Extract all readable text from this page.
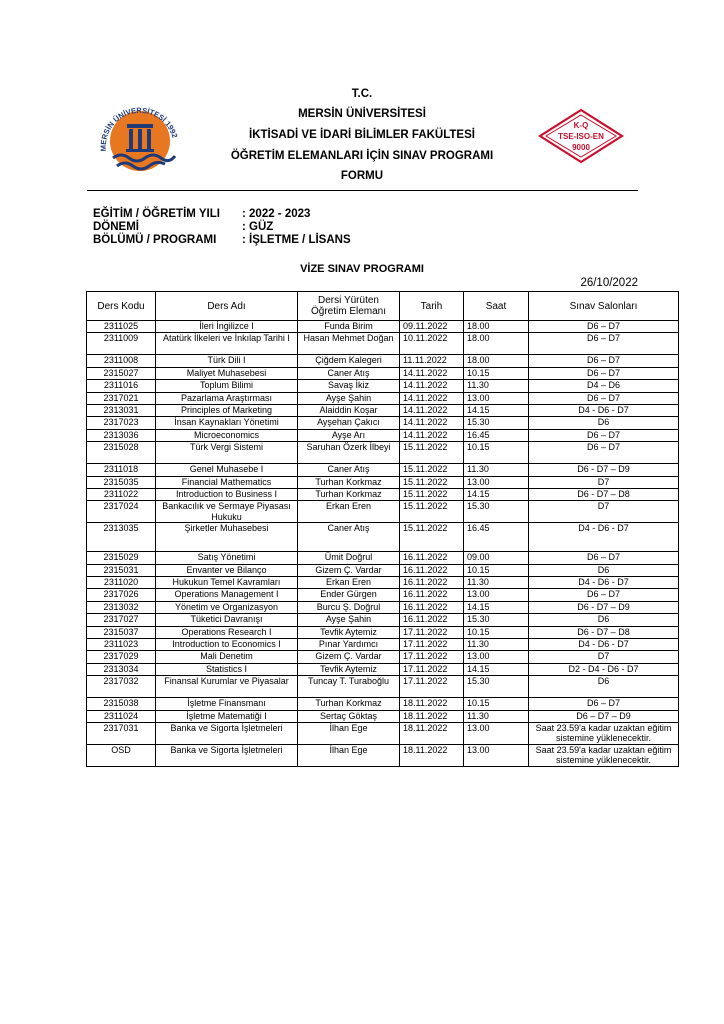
MERSİN ÜNİVERSİTESİ 1992
K-Q
TSE-ISO-EN
9000
T.C.
MERSİN ÜNİVERSİTESİ
İKTİSADİ VE İDARİ BİLİMLER FAKÜLTESİ
ÖĞRETİM ELEMANLARI İÇİN SINAV PROGRAMI
FORMU
EĞİTİM / ÖĞRETİM YILI : 2022 - 2023
DÖNEMİ	: GÜZ
BÖLÜMÜ / PROGRAMI : İŞLETME / LİSANS
VİZE SINAV PROGRAMI
26/10/2022
Ders Kodu	Ders Adı	Dersi Yürüten Öğretim Elemanı	Tarih	Saat	Sınav Salonları
2311025	İleri İngilizce I	Funda Birim	09.11.2022	18.00	D6 – D7
2311009	Atatürk İlkeleri ve İnkılap Tarihi I	Hasan Mehmet Doğan	10.11.2022	18.00	D6 – D7
2311008	Türk Dili I	Çiğdem Kalegeri	11.11.2022	18.00	D6 – D7
2315027	Maliyet Muhasebesi	Caner Atış	14.11.2022	10.15	D6 – D7
2311016	Toplum Bilimi	Savaş İkiz	14.11.2022	11.30	D4 – D6
2317021	Pazarlama Araştırması	Ayşe Şahin	14.11.2022	13.00	D6 – D7
2313031	Principles of Marketing	Alaiddin Koşar	14.11.2022	14.15	D4 - D6 - D7
2317023	İnsan Kaynakları Yönetimi	Ayşehan Çakıcı	14.11.2022	15.30	D6
2313036	Microeconomics	Ayşe Arı	14.11.2022	16.45	D6 – D7
2315028	Türk Vergi Sistemi	Saruhan Özerk İlbeyi	15.11.2022	10.15	D6 – D7
2311018	Genel Muhasebe I	Caner Atış	15.11.2022	11.30	D6 - D7 – D9
2315035	Financial Mathematics	Turhan Korkmaz	15.11.2022	13.00	D7
2311022	Introduction to Business I	Turhan Korkmaz	15.11.2022	14.15	D6 - D7 – D8
2317024	Bankacılık ve Sermaye Piyasası Hukuku	Erkan Eren	15.11.2022	15.30	D7
2313035	Şirketler Muhasebesi	Caner Atış	15.11.2022	16.45	D4 - D6 - D7
2315029	Satış Yönetimi	Ümit Doğrul	16.11.2022	09.00	D6 – D7
2315031	Envanter ve Bilanço	Gizem Ç. Vardar	16.11.2022	10.15	D6
2311020	Hukukun Temel Kavramları	Erkan Eren	16.11.2022	11.30	D4 - D6 - D7
2317026	Operations Management I	Ender Gürgen	16.11.2022	13.00	D6 – D7
2313032	Yönetim ve Organizasyon	Burcu Ş. Doğrul	16.11.2022	14.15	D6 - D7 – D9
2317027	Tüketici Davranışı	Ayşe Şahin	16.11.2022	15.30	D6
2315037	Operations Research I	Tevfik Aytemiz	17.11.2022	10.15	D6 - D7 – D8
2311023	Introduction to Economics I	Pınar Yardımcı	17.11.2022	11.30	D4 - D6 - D7
2317029	Mali Denetim	Gizem Ç. Vardar	17.11.2022	13.00	D7
2313034	Statistics I	Tevfik Aytemiz	17.11.2022	14.15	D2 - D4 - D6 - D7
2317032	Finansal Kurumlar ve Piyasalar	Tuncay T. Turaboğlu	17.11.2022	15.30	D6
2315038	İşletme Finansmanı	Turhan Korkmaz	18.11.2022	10.15	D6 – D7
2311024	İşletme Matematiği I	Sertaç Göktaş	18.11.2022	11.30	D6 – D7 – D9
2317031	Banka ve Sigorta İşletmeleri	İlhan Ege	18.11.2022	13.00	Saat 23.59'a kadar uzaktan eğitim sistemine yüklenecektir.
OSD	Banka ve Sigorta İşletmeleri	İlhan Ege	18.11.2022	13.00	Saat 23.59'a kadar uzaktan eğitim sistemine yüklenecektir.
